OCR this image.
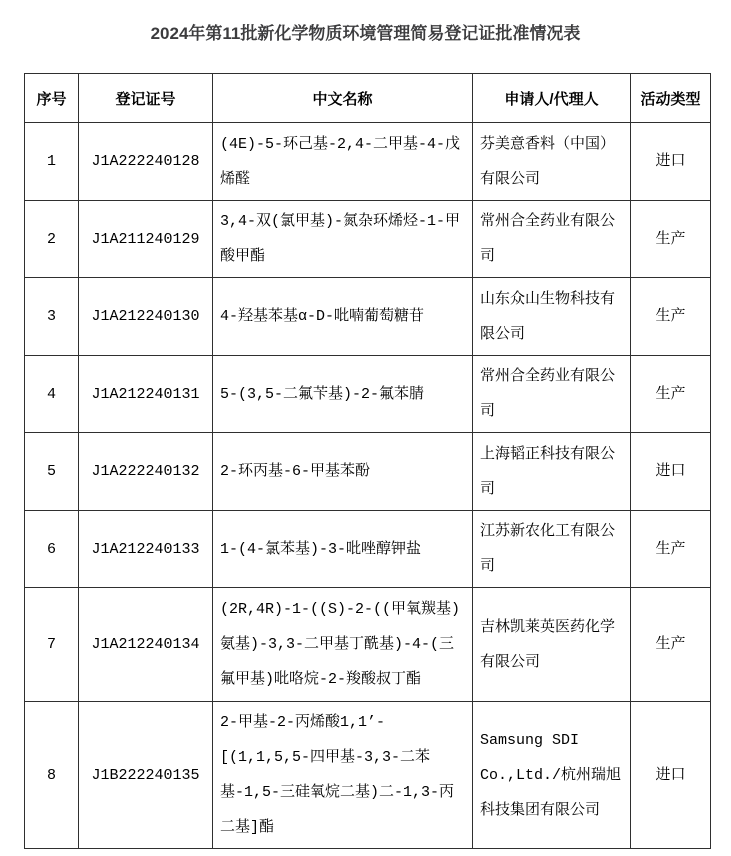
2024年第11批新化学物质环境管理简易登记证批准情况表
序号	登记证号	中文名称	申请人/代理人	活动类型
1	J1A222240128	(4E)-5-环己基-2,4-二甲基-4-戊烯醛	芬美意香料（中国）有限公司	进口
2	J1A211240129	3,4-双(氯甲基)-氮杂环烯烃-1-甲酸甲酯	常州合全药业有限公司	生产
3	J1A212240130	4-羟基苯基α-D-吡喃葡萄糖苷	山东众山生物科技有限公司	生产
4	J1A212240131	5-(3,5-二氟苄基)-2-氟苯腈	常州合全药业有限公司	生产
5	J1A222240132	2-环丙基-6-甲基苯酚	上海韬正科技有限公司	进口
6	J1A212240133	1-(4-氯苯基)-3-吡唑醇钾盐	江苏新农化工有限公司	生产
7	J1A212240134	(2R,4R)-1-((S)-2-((甲氧羰基)氨基)-3,3-二甲基丁酰基)-4-(三氟甲基)吡咯烷-2-羧酸叔丁酯	吉林凯莱英医药化学有限公司	生产
8	J1B222240135	2-甲基-2-丙烯酸1,1’-[(1,1,5,5-四甲基-3,3-二苯基-1,5-三硅氧烷二基)二-1,3-丙二基]酯	Samsung SDI Co.,Ltd./杭州瑞旭科技集团有限公司	进口
